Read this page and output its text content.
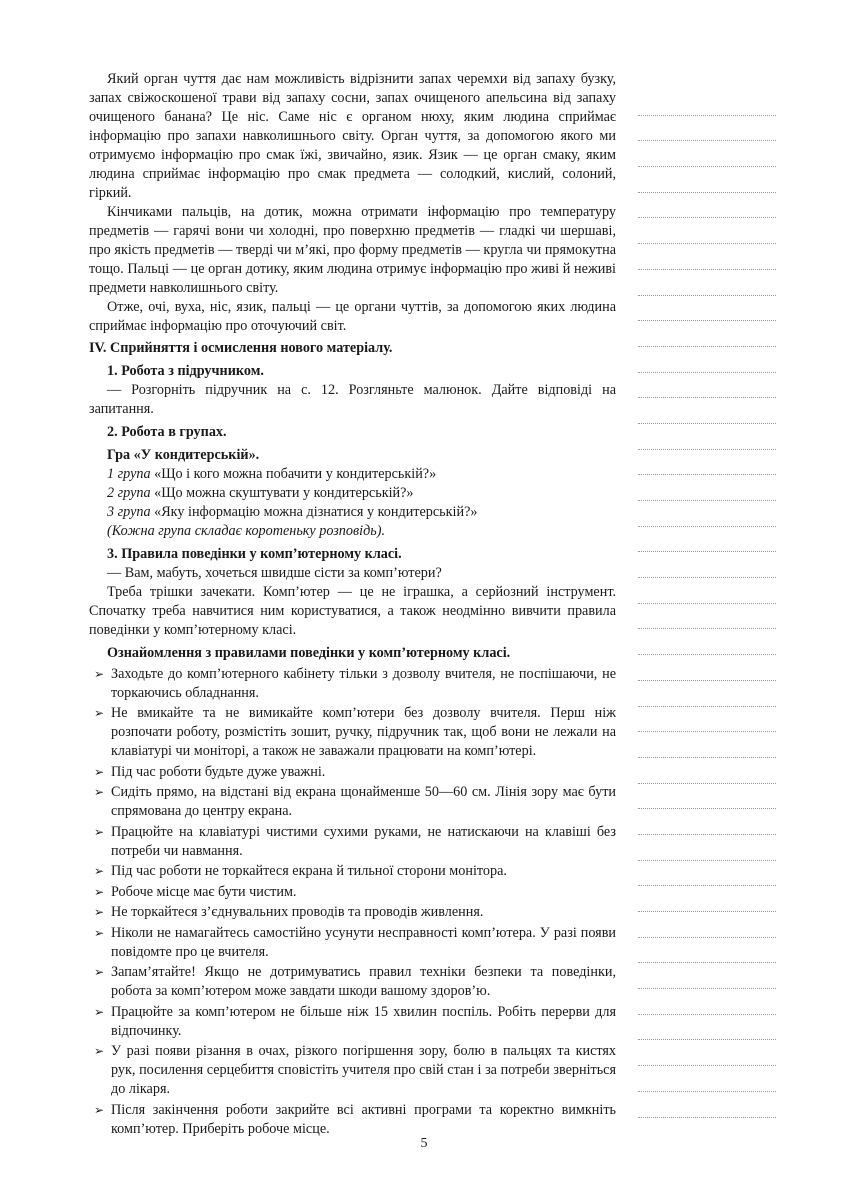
Який орган чуття дає нам можливість відрізнити запах черемхи від запаху бузку, запах свіжоскошеної трави від запаху сосни, запах очищеного апельсина від запаху очищеного банана? Це ніс. Саме ніс є органом нюху, яким людина сприймає інформацію про запахи навколишнього світу. Орган чуття, за допомогою якого ми отримуємо інформацію про смак їжі, звичайно, язик. Язик — це орган смаку, яким людина сприймає інформацію про смак предмета — солодкий, кислий, солоний, гіркий.

Кінчиками пальців, на дотик, можна отримати інформацію про температуру предметів — гарячі вони чи холодні, про поверхню предметів — гладкі чи шершаві, про якість предметів — тверді чи м’які, про форму предметів — кругла чи прямокутна тощо. Пальці — це орган дотику, яким людина отримує інформацію про живі й неживі предмети навколишнього світу.

Отже, очі, вуха, ніс, язик, пальці — це органи чуттів, за допомогою яких людина сприймає інформацію про оточуючий світ.

IV. Сприйняття і осмислення нового матеріалу.

1. Робота з підручником.

— Розгорніть підручник на с. 12. Розгляньте малюнок. Дайте відповіді на запитання.

2. Робота в групах.

Гра «У кондитерській».

1 група «Що і кого можна побачити у кондитерській?»

2 група «Що можна скуштувати у кондитерській?»

3 група «Яку інформацію можна дізнатися у кондитерській?»

(Кожна група складає коротеньку розповідь).

3. Правила поведінки у комп’ютерному класі.

— Вам, мабуть, хочеться швидше сісти за комп’ютери?

Треба трішки зачекати. Комп’ютер — це не іграшка, а серйозний інструмент. Спочатку треба навчитися ним користуватися, а також неодмінно вивчити правила поведінки у комп’ютерному класі.

Ознайомлення з правилами поведінки у комп’ютерному класі.

➢ Заходьте до комп’ютерного кабінету тільки з дозволу вчителя, не поспішаючи, не торкаючись обладнання.
➢ Не вмикайте та не вимикайте комп’ютери без дозволу вчителя. Перш ніж розпочати роботу, розмістіть зошит, ручку, підручник так, щоб вони не лежали на клавіатурі чи моніторі, а також не заважали працювати на комп’ютері.
➢ Під час роботи будьте дуже уважні.
➢ Сидіть прямо, на відстані від екрана щонайменше 50—60 см. Лінія зору має бути спрямована до центру екрана.
➢ Працюйте на клавіатурі чистими сухими руками, не натискаючи на клавіші без потреби чи навмання.
➢ Під час роботи не торкайтеся екрана й тильної сторони монітора.
➢ Робоче місце має бути чистим.
➢ Не торкайтеся з’єднувальних проводів та проводів живлення.
➢ Ніколи не намагайтесь самостійно усунути несправності комп’ютера. У разі появи повідомте про це вчителя.
➢ Запам’ятайте! Якщо не дотримуватись правил техніки безпеки та поведінки, робота за комп’ютером може завдати шкоди вашому здоров’ю.
➢ Працюйте за комп’ютером не більше ніж 15 хвилин поспіль. Робіть перерви для відпочинку.
➢ У разі появи різання в очах, різкого погіршення зору, болю в пальцях та кистях рук, посилення серцебиття сповістіть учителя про свій стан і за потреби зверніться до лікаря.
➢ Після закінчення роботи закрийте всі активні програми та коректно вимкніть комп’ютер. Приберіть робоче місце.
5
